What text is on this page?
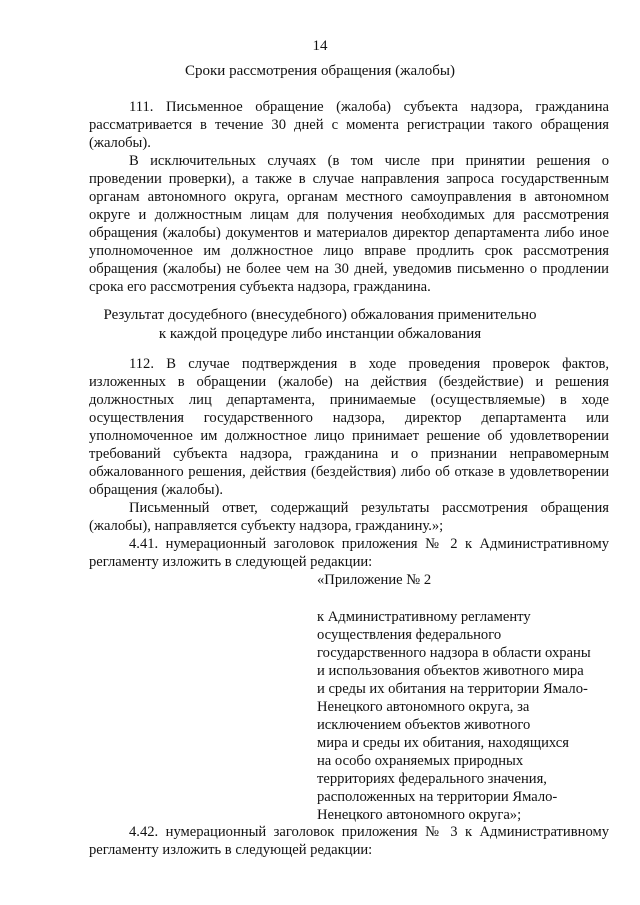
14
Сроки рассмотрения обращения (жалобы)
111. Письменное обращение (жалоба) субъекта надзора, гражданина рассматривается в течение 30 дней с момента регистрации такого обращения (жалобы).
В исключительных случаях (в том числе при принятии решения о проведении проверки), а также в случае направления запроса государственным органам автономного округа, органам местного самоуправления в автономном округе и должностным лицам для получения необходимых для рассмотрения обращения (жалобы) документов и материалов директор департамента либо иное уполномоченное им должностное лицо вправе продлить срок рассмотрения обращения (жалобы) не более чем на 30 дней, уведомив письменно о продлении срока его рассмотрения субъекта надзора, гражданина.
Результат досудебного (внесудебного) обжалования применительно
к каждой процедуре либо инстанции обжалования
112. В случае подтверждения в ходе проведения проверок фактов, изложенных в обращении (жалобе) на действия (бездействие) и решения должностных лиц департамента, принимаемые (осуществляемые) в ходе осуществления государственного надзора, директор департамента или уполномоченное им должностное лицо принимает решение об удовлетворении требований субъекта надзора, гражданина и о признании неправомерным обжалованного решения, действия (бездействия) либо об отказе в удовлетворении обращения (жалобы).
Письменный ответ, содержащий результаты рассмотрения обращения (жалобы), направляется субъекту надзора, гражданину.»;
4.41. нумерационный заголовок приложения № 2 к Административному регламенту изложить в следующей редакции:
«Приложение № 2
к Административному регламенту
осуществления федерального
государственного надзора в области охраны
и использования объектов животного мира
и среды их обитания на территории Ямало-
Ненецкого автономного округа, за
исключением объектов животного
мира и среды их обитания, находящихся
на особо охраняемых природных
территориях федерального значения,
расположенных на территории Ямало-
Ненецкого автономного округа»;
4.42. нумерационный заголовок приложения № 3 к Административному регламенту изложить в следующей редакции:
